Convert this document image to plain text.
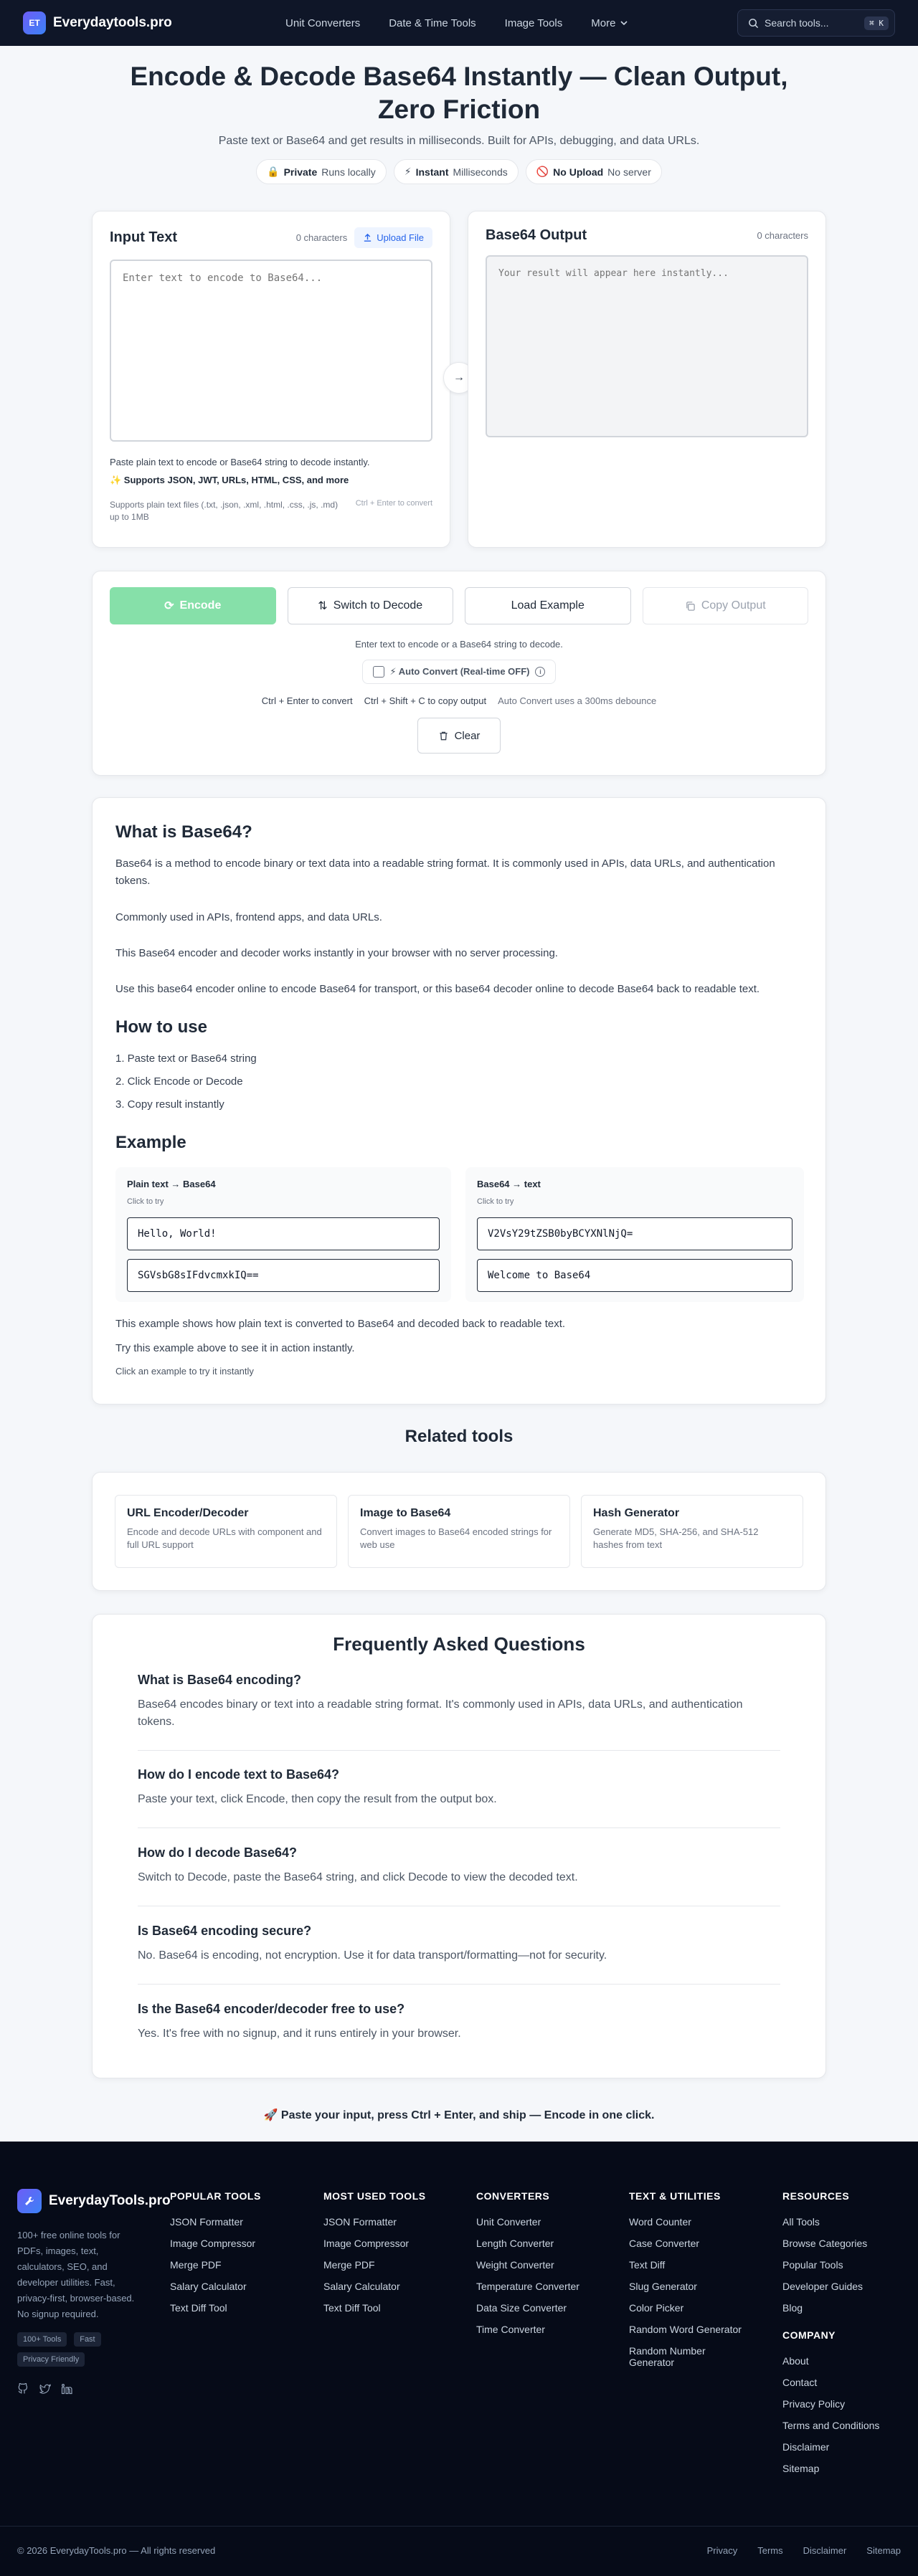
ET Everydaytools.pro	Unit Converters	Date & Time Tools	Image Tools	More	Search tools...	⌘ K
Encode & Decode Base64 Instantly — Clean Output, Zero Friction
Paste text or Base64 and get results in milliseconds. Built for APIs, debugging, and data URLs.
🔒 Private Runs locally	⚡ Instant Milliseconds	🚫 No Upload No server
Input Text	0 characters	Upload File
Enter text to encode to Base64...
Paste plain text to encode or Base64 string to decode instantly.
✨ Supports JSON, JWT, URLs, HTML, CSS, and more
Supports plain text files (.txt, .json, .xml, .html, .css, .js, .md) up to 1MB
Ctrl + Enter to convert
→
Base64 Output	0 characters
Your result will appear here instantly...
⟳ Encode	⇅ Switch to Decode	Load Example	Copy Output
Enter text to encode or a Base64 string to decode.
⚡ Auto Convert (Real-time OFF)	i
Ctrl + Enter to convert Ctrl + Shift + C to copy output Auto Convert uses a 300ms debounce
Clear
What is Base64?

Base64 is a method to encode binary or text data into a readable string format. It is commonly used in APIs, data URLs, and authentication tokens.

Commonly used in APIs, frontend apps, and data URLs.

This Base64 encoder and decoder works instantly in your browser with no server processing.

Use this base64 encoder online to encode Base64 for transport, or this base64 decoder online to decode Base64 back to readable text.

How to use

1. Paste text or Base64 string

2. Click Encode or Decode

3. Copy result instantly

Example
Plain text → Base64
Click to try
Hello, World!
SGVsbG8sIFdvcmxkIQ==
Base64 → text
Click to try
V2VsY29tZSB0byBCYXNlNjQ=
Welcome to Base64

This example shows how plain text is converted to Base64 and decoded back to readable text.

Try this example above to see it in action instantly.

Click an example to try it instantly
Related tools
URL Encoder/Decoder
Encode and decode URLs with component and full URL support
Image to Base64
Convert images to Base64 encoded strings for web use
Hash Generator
Generate MD5, SHA-256, and SHA-512 hashes from text
Frequently Asked Questions
What is Base64 encoding?
Base64 encodes binary or text into a readable string format. It's commonly used in APIs, data URLs, and authentication tokens.
How do I encode text to Base64?
Paste your text, click Encode, then copy the result from the output box.
How do I decode Base64?
Switch to Decode, paste the Base64 string, and click Decode to view the decoded text.
Is Base64 encoding secure?
No. Base64 is encoding, not encryption. Use it for data transport/formatting—not for security.
Is the Base64 encoder/decoder free to use?
Yes. It's free with no signup, and it runs entirely in your browser.
🚀 Paste your input, press Ctrl + Enter, and ship — Encode in one click.
EverydayTools.pro
100+ free online tools for PDFs, images, text, calculators, SEO, and developer utilities. Fast, privacy-first, browser-based. No signup required.
100+ Tools Fast Privacy Friendly
POPULAR TOOLS
JSON Formatter
Image Compressor
Merge PDF
Salary Calculator
Text Diff Tool
MOST USED TOOLS
JSON Formatter
Image Compressor
Merge PDF
Salary Calculator
Text Diff Tool
CONVERTERS
Unit Converter
Length Converter
Weight Converter
Temperature Converter
Data Size Converter
Time Converter
TEXT & UTILITIES
Word Counter
Case Converter
Text Diff
Slug Generator
Color Picker
Random Word Generator
Random Number Generator
RESOURCES
All Tools
Browse Categories
Popular Tools
Developer Guides
Blog
COMPANY
About
Contact
Privacy Policy
Terms and Conditions
Disclaimer
Sitemap
© 2026 EverydayTools.pro — All rights reserved	Privacy Terms Disclaimer Sitemap
